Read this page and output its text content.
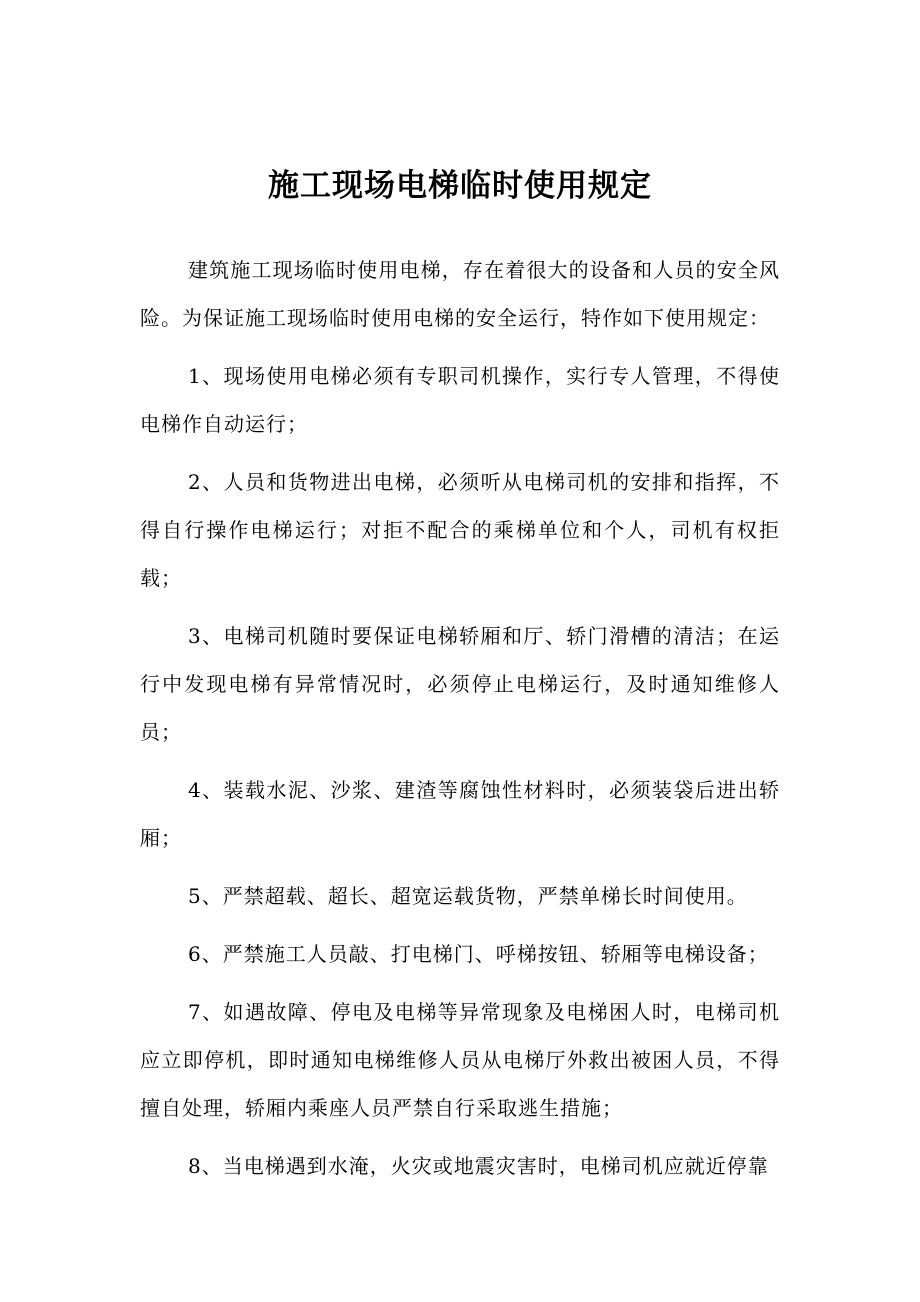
施工现场电梯临时使用规定

建筑施工现场临时使用电梯，存在着很大的设备和人员的安全风险。为保证施工现场临时使用电梯的安全运行，特作如下使用规定：

1、现场使用电梯必须有专职司机操作，实行专人管理，不得使电梯作自动运行；

2、人员和货物进出电梯，必须听从电梯司机的安排和指挥，不得自行操作电梯运行；对拒不配合的乘梯单位和个人，司机有权拒载；

3、电梯司机随时要保证电梯轿厢和厅、轿门滑槽的清洁；在运行中发现电梯有异常情况时，必须停止电梯运行，及时通知维修人员；

4、装载水泥、沙浆、建渣等腐蚀性材料时，必须装袋后进出轿厢；

5、严禁超载、超长、超宽运载货物，严禁单梯长时间使用。

6、严禁施工人员敲、打电梯门、呼梯按钮、轿厢等电梯设备；

7、如遇故障、停电及电梯等异常现象及电梯困人时，电梯司机应立即停机，即时通知电梯维修人员从电梯厅外救出被困人员，不得擅自处理，轿厢内乘座人员严禁自行采取逃生措施；

8、当电梯遇到水淹，火灾或地震灾害时，电梯司机应就近停靠
